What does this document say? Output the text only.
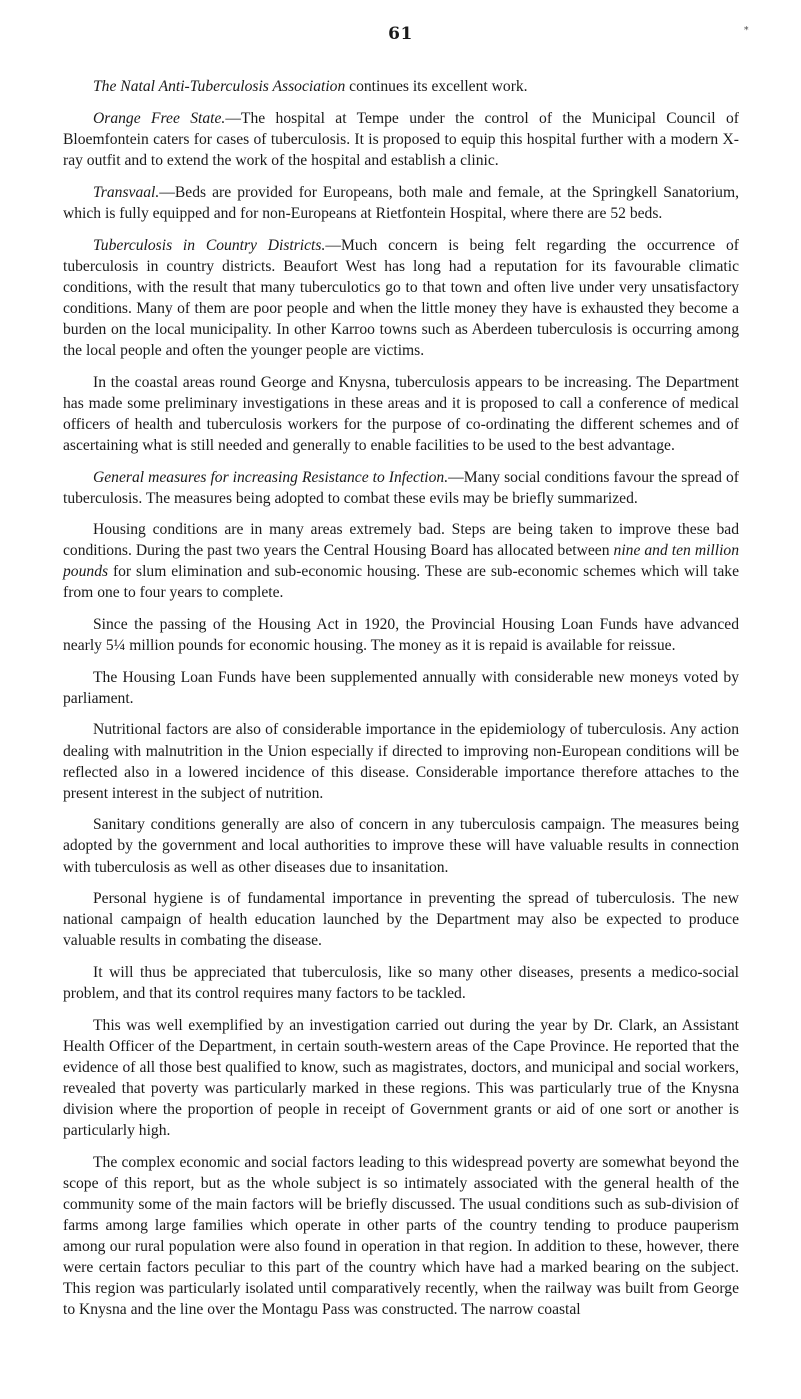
61	*

The Natal Anti-Tuberculosis Association continues its excellent work.

Orange Free State.—The hospital at Tempe under the control of the Municipal Council of Bloemfontein caters for cases of tuberculosis. It is proposed to equip this hospital further with a modern X-ray outfit and to extend the work of the hospital and establish a clinic.

Transvaal.—Beds are provided for Europeans, both male and female, at the Springkell Sanatorium, which is fully equipped and for non-Europeans at Rietfontein Hospital, where there are 52 beds.

Tuberculosis in Country Districts.—Much concern is being felt regarding the occurrence of tuberculosis in country districts. Beaufort West has long had a reputation for its favourable climatic conditions, with the result that many tuberculotics go to that town and often live under very unsatisfactory conditions. Many of them are poor people and when the little money they have is exhausted they become a burden on the local municipality. In other Karroo towns such as Aberdeen tuberculosis is occurring among the local people and often the younger people are victims.

In the coastal areas round George and Knysna, tuberculosis appears to be increasing. The Department has made some preliminary investigations in these areas and it is proposed to call a conference of medical officers of health and tuberculosis workers for the purpose of co-ordinating the different schemes and of ascertaining what is still needed and generally to enable facilities to be used to the best advantage.

General measures for increasing Resistance to Infection.—Many social conditions favour the spread of tuberculosis. The measures being adopted to combat these evils may be briefly summarized.

Housing conditions are in many areas extremely bad. Steps are being taken to improve these bad conditions. During the past two years the Central Housing Board has allocated between nine and ten million pounds for slum elimination and sub-economic housing. These are sub-economic schemes which will take from one to four years to complete.

Since the passing of the Housing Act in 1920, the Provincial Housing Loan Funds have advanced nearly 5¼ million pounds for economic housing. The money as it is repaid is available for reissue.

The Housing Loan Funds have been supplemented annually with considerable new moneys voted by parliament.

Nutritional factors are also of considerable importance in the epidemiology of tuberculosis. Any action dealing with malnutrition in the Union especially if directed to improving non-European conditions will be reflected also in a lowered incidence of this disease. Considerable importance therefore attaches to the present interest in the subject of nutrition.

Sanitary conditions generally are also of concern in any tuberculosis campaign. The measures being adopted by the government and local authorities to improve these will have valuable results in connection with tuberculosis as well as other diseases due to insanitation.

Personal hygiene is of fundamental importance in preventing the spread of tuberculosis. The new national campaign of health education launched by the Department may also be expected to produce valuable results in combating the disease.

It will thus be appreciated that tuberculosis, like so many other diseases, presents a medico-social problem, and that its control requires many factors to be tackled.

This was well exemplified by an investigation carried out during the year by Dr. Clark, an Assistant Health Officer of the Department, in certain south-western areas of the Cape Province. He reported that the evidence of all those best qualified to know, such as magistrates, doctors, and municipal and social workers, revealed that poverty was particularly marked in these regions. This was particularly true of the Knysna division where the proportion of people in receipt of Government grants or aid of one sort or another is particularly high.

The complex economic and social factors leading to this widespread poverty are somewhat beyond the scope of this report, but as the whole subject is so intimately associated with the general health of the community some of the main factors will be briefly discussed. The usual conditions such as sub-division of farms among large families which operate in other parts of the country tending to produce pauperism among our rural population were also found in operation in that region. In addition to these, however, there were certain factors peculiar to this part of the country which have had a marked bearing on the subject. This region was particularly isolated until comparatively recently, when the railway was built from George to Knysna and the line over the Montagu Pass was constructed. The narrow coastal
